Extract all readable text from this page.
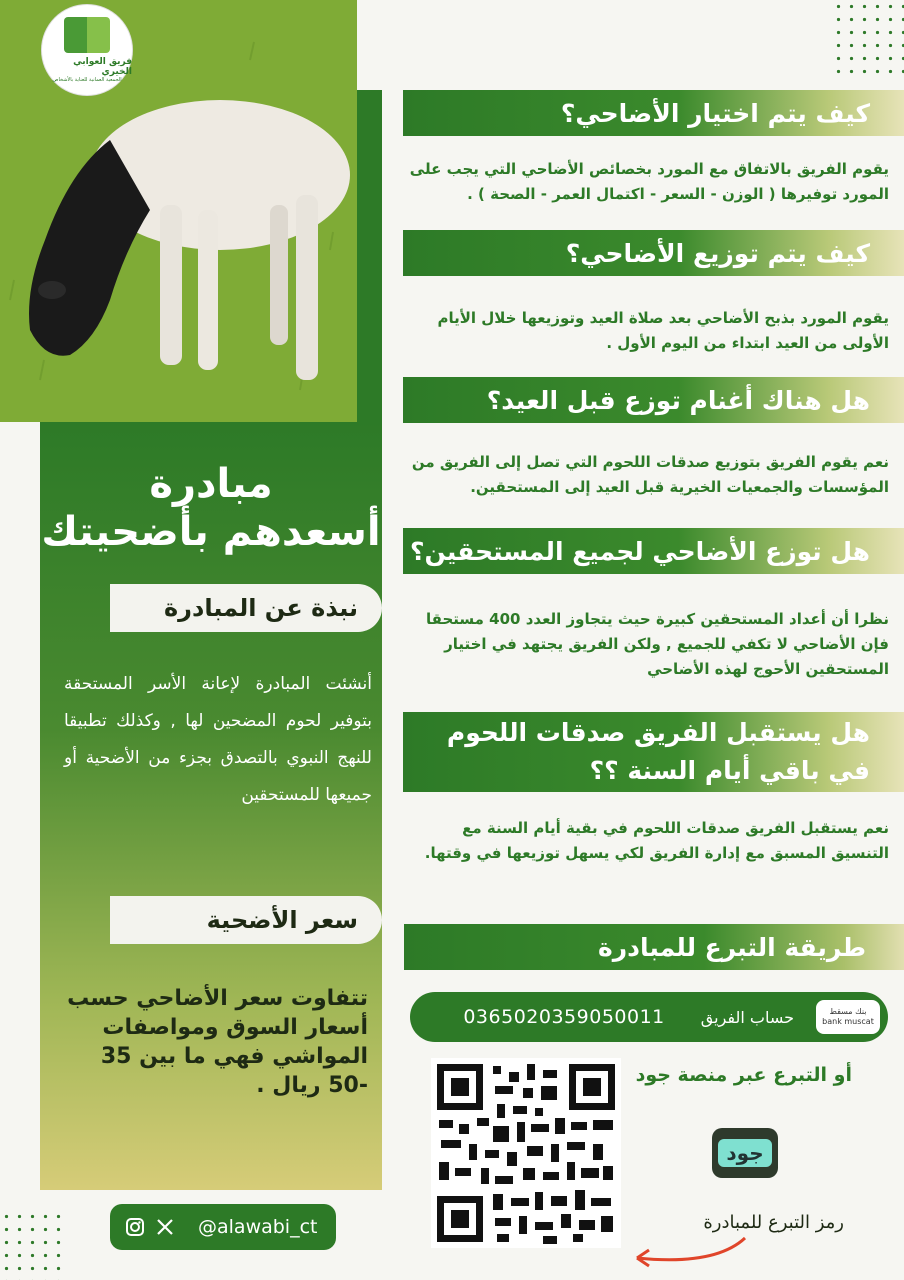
فريق العوابي الخيري
الجمعية العمانية للعناية بالأشخاص
مبادرة
أسعدهم بأضحيتك
نبذة عن المبادرة
أنشئت المبادرة لإعانة الأسر المستحقة بتوفير لحوم المضحين لها , وكذلك تطبيقا للنهج النبوي بالتصدق بجزء من الأضحية أو جميعها للمستحقين
سعر الأضحية
تتفاوت سعر الأضاحي حسب أسعار السوق ومواصفات المواشي فهي ما بين 35 -50 ريال .
كيف يتم اختيار الأضاحي؟
يقوم الفريق بالاتفاق مع المورد بخصائص الأضاحي التي يجب على المورد توفيرها ( الوزن - السعر - اكتمال العمر - الصحة ) .
كيف يتم توزيع الأضاحي؟
يقوم المورد بذبح الأضاحي بعد صلاة العيد وتوزيعها خلال الأيام الأولى من العيد ابتداء من اليوم الأول .
هل هناك أغنام توزع قبل العيد؟
نعم يقوم الفريق بتوزيع صدقات اللحوم التي تصل إلى الفريق من المؤسسات والجمعيات الخيرية قبل العيد إلى المستحقين.
هل توزع الأضاحي لجميع المستحقين؟
نظرا أن أعداد المستحقين كبيرة حيث يتجاوز العدد 400 مستحقا فإن الأضاحي لا تكفي للجميع , ولكن الفريق يجتهد في اختيار المستحقين الأحوج لهذه الأضاحي
هل يستقبل الفريق صدقات اللحوم في باقي أيام السنة ؟؟
نعم يستقبل الفريق صدقات اللحوم في بقية أيام السنة مع التنسيق المسبق مع إدارة الفريق لكي يسهل توزيعها في وقتها.
طريقة التبرع للمبادرة
بنك مسقط
bank muscat
حساب الفريق
0365020359050011
أو التبرع عبر منصة جود
جود
رمز التبرع للمبادرة
@alawabi_ct
